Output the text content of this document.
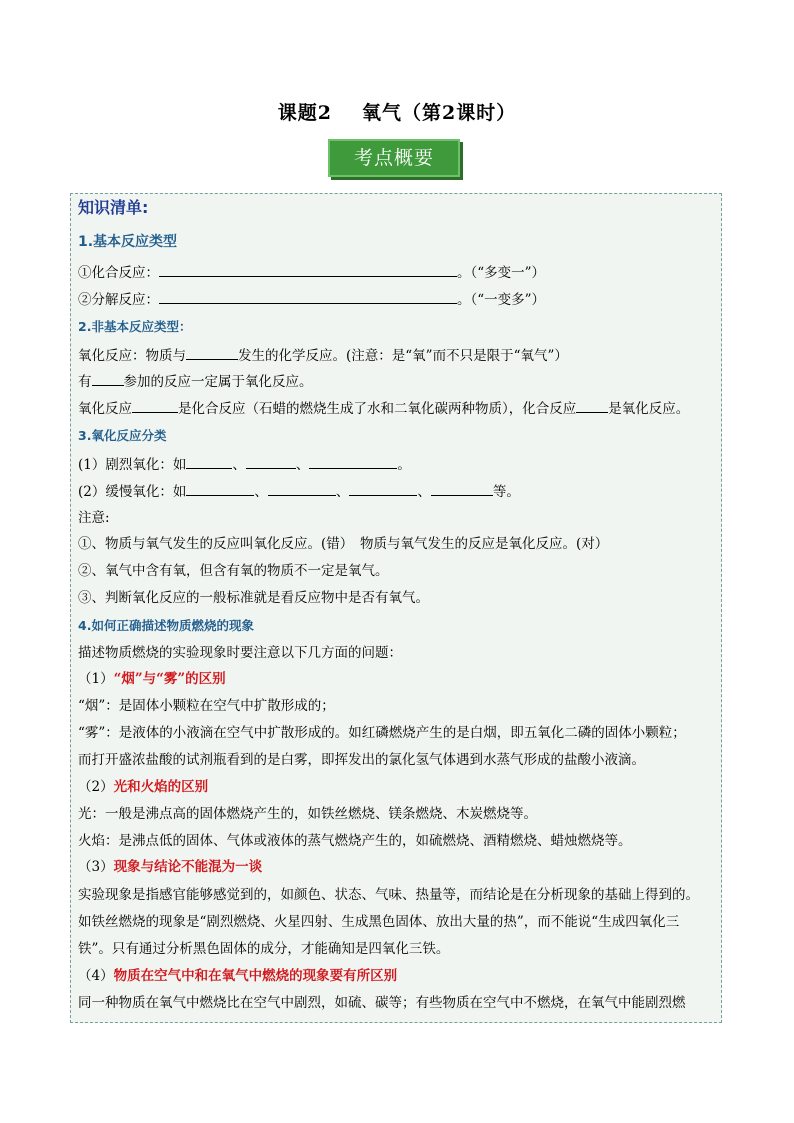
课题2 氧气（第2课时）
考点概要
知识清单:
1.基本反应类型
①化合反应：	。（“多变一”）
②分解反应：	。（“一变多”）
2.非基本反应类型：
氧化反应：物质与	发生的化学反应。(注意：是“氧”而不只是限于“氧气”）
有 参加的反应一定属于氧化反应。
氧化反应	是化合反应（石蜡的燃烧生成了水和二氧化碳两种物质），化合反应 是氧化反应。
3.氧化反应分类
(1）剧烈氧化：如	、	、	。
(2）缓慢氧化：如	、	、	、	等。
注意:
①、物质与氧气发生的反应叫氧化反应。(错）　物质与氧气发生的反应是氧化反应。(对）
②、氧气中含有氧，但含有氧的物质不一定是氧气。
③、判断氧化反应的一般标准就是看反应物中是否有氧气。
4.如何正确描述物质燃烧的现象
描述物质燃烧的实验现象时要注意以下几方面的问题：
（1）“烟”与“雾”的区别
“烟”：是固体小颗粒在空气中扩散形成的；
“雾”：是液体的小液滴在空气中扩散形成的。如红磷燃烧产生的是白烟，即五氧化二磷的固体小颗粒；
而打开盛浓盐酸的试剂瓶看到的是白雾，即挥发出的氯化氢气体遇到水蒸气形成的盐酸小液滴。
（2）光和火焰的区别
光：一般是沸点高的固体燃烧产生的，如铁丝燃烧、镁条燃烧、木炭燃烧等。
火焰：是沸点低的固体、气体或液体的蒸气燃烧产生的，如硫燃烧、酒精燃烧、蜡烛燃烧等。
（3）现象与结论不能混为一谈
实验现象是指感官能够感觉到的，如颜色、状态、气味、热量等，而结论是在分析现象的基础上得到的。
如铁丝燃烧的现象是“剧烈燃烧、火星四射、生成黑色固体、放出大量的热”，而不能说“生成四氧化三
铁”。只有通过分析黑色固体的成分，才能确知是四氧化三铁。
（4）物质在空气中和在氧气中燃烧的现象要有所区别
同一种物质在氧气中燃烧比在空气中剧烈，如硫、碳等；有些物质在空气中不燃烧，在氧气中能剧烈燃
